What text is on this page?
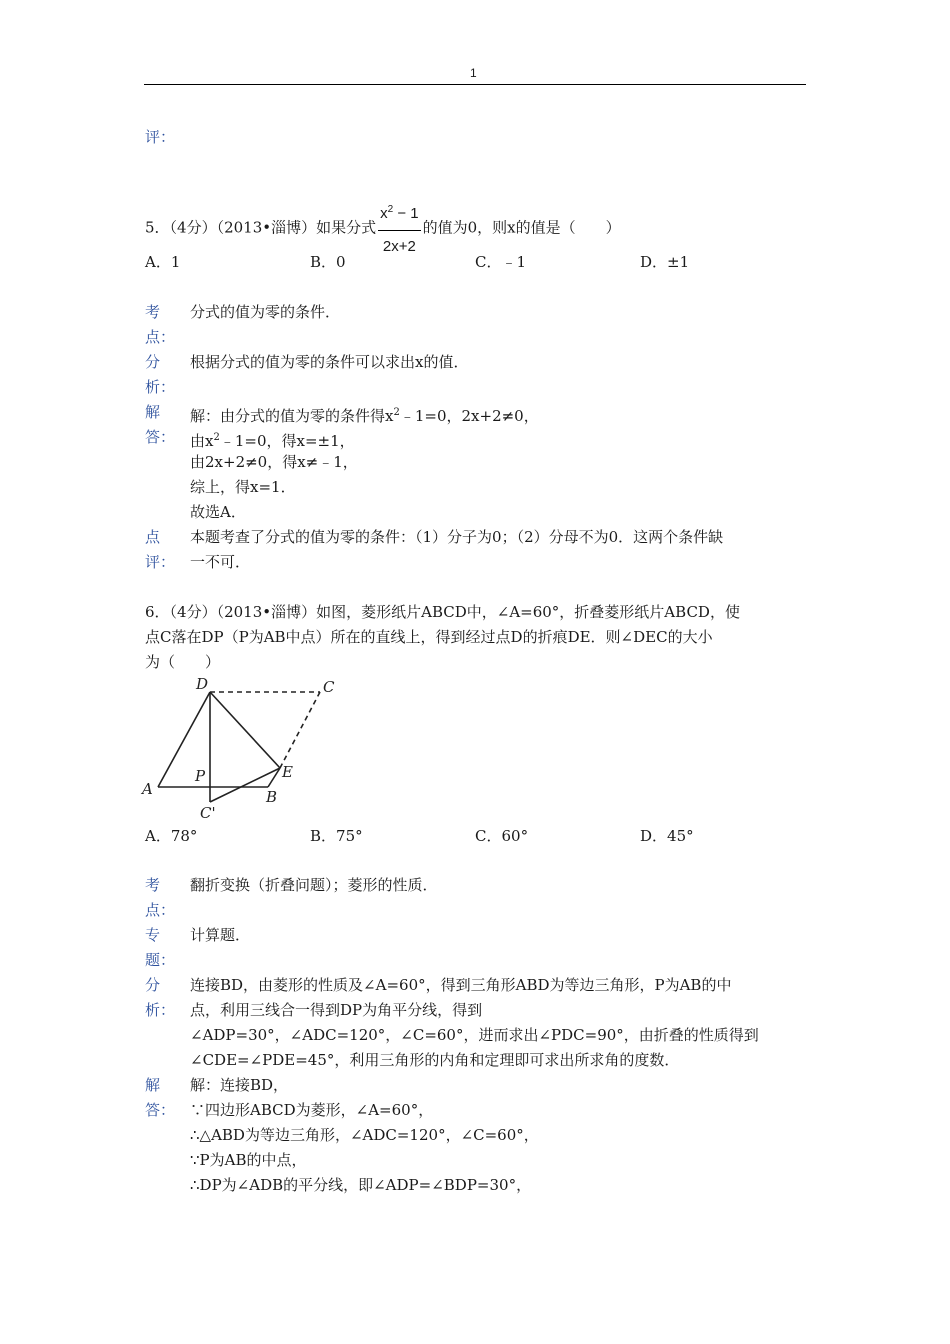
1
评：
5．（4分）（2013•淄博）如果分式 $\frac{x^2 - 1}{2x+2}$ 的值为0，则x的值是（　　）
A．1	B．0	C．﹣1	D．±1
考
点：
分式的值为零的条件．
分
析：
根据分式的值为零的条件可以求出x的值．
解
答：
解：由分式的值为零的条件得$x^2﹣1=0$，2x+2≠0，
由$x^2﹣1=0$，得x=±1，
由2x+2≠0，得x≠﹣1，
综上，得x=1．
故选A．
点
评：
本题考查了分式的值为零的条件：（1）分子为0；（2）分母不为0．这两个条件缺
一不可．
6．（4分）（2013•淄博）如图，菱形纸片ABCD中，∠A=60°，折叠菱形纸片ABCD，使
点C落在DP（P为AB中点）所在的直线上，得到经过点D的折痕DE．则∠DEC的大小
为（　　）
D	C
P	E
A	B
C'
A．78°	B．75°	C．60°	D．45°
考
点：
翻折变换（折叠问题）；菱形的性质．
专
题：
计算题．
分
析：
连接BD，由菱形的性质及∠A=60°，得到三角形ABD为等边三角形，P为AB的中
点，利用三线合一得到DP为角平分线，得到
∠ADP=30°，∠ADC=120°，∠C=60°，进而求出∠PDC=90°，由折叠的性质得到
∠CDE=∠PDE=45°，利用三角形的内角和定理即可求出所求角的度数．
解
答：
解：连接BD，
∵四边形ABCD为菱形，∠A=60°，
∴△ABD为等边三角形，∠ADC=120°，∠C=60°，
∵P为AB的中点，
∴DP为∠ADB的平分线，即∠ADP=∠BDP=30°，
